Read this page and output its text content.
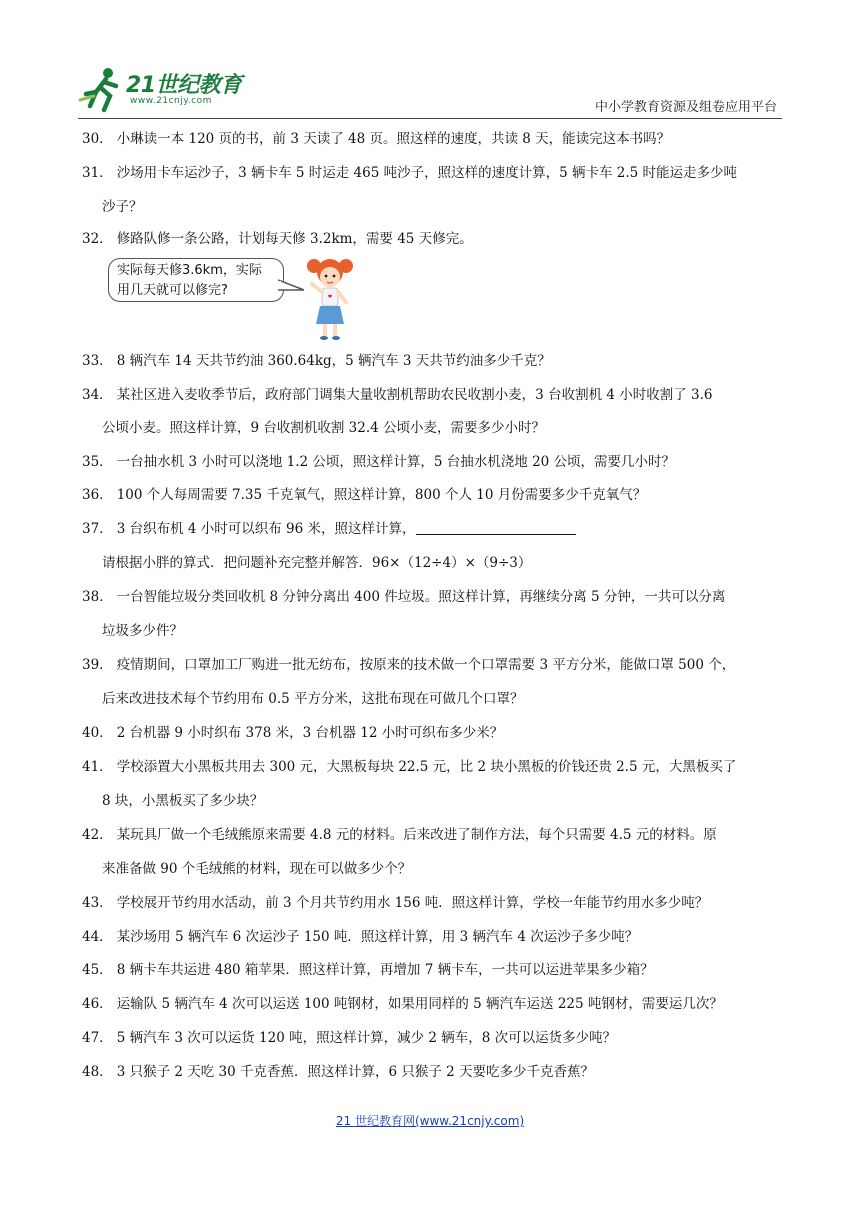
21世纪教育
www.21cnjy.com	中小学教育资源及组卷应用平台
30． 小琳读一本 120 页的书，前 3 天读了 48 页。照这样的速度，共读 8 天，能读完这本书吗？
31． 沙场用卡车运沙子，3 辆卡车 5 时运走 465 吨沙子，照这样的速度计算，5 辆卡车 2.5 时能运走多少吨
沙子？
32． 修路队修一条公路，计划每天修 3.2km，需要 45 天修完。
实际每天修3.6km，实际
用几天就可以修完?
33． 8 辆汽车 14 天共节约油 360.64kg，5 辆汽车 3 天共节约油多少千克？
34． 某社区进入麦收季节后，政府部门调集大量收割机帮助农民收割小麦，3 台收割机 4 小时收割了 3.6
公顷小麦。照这样计算，9 台收割机收割 32.4 公顷小麦，需要多少小时？
35． 一台抽水机 3 小时可以浇地 1.2 公顷，照这样计算，5 台抽水机浇地 20 公顷，需要几小时？
36． 100 个人每周需要 7.35 千克氧气，照这样计算，800 个人 10 月份需要多少千克氧气？
37． 3 台织布机 4 小时可以织布 96 米，照这样计算，
请根据小胖的算式．把问题补充完整并解答．96×（12÷4）×（9÷3）
38． 一台智能垃圾分类回收机 8 分钟分离出 400 件垃圾。照这样计算，再继续分离 5 分钟，一共可以分离
垃圾多少件？
39． 疫情期间，口罩加工厂购进一批无纺布，按原来的技术做一个口罩需要 3 平方分米，能做口罩 500 个，
后来改进技术每个节约用布 0.5 平方分米，这批布现在可做几个口罩？
40． 2 台机器 9 小时织布 378 米，3 台机器 12 小时可织布多少米？
41． 学校添置大小黑板共用去 300 元，大黑板每块 22.5 元，比 2 块小黑板的价钱还贵 2.5 元，大黑板买了
8 块，小黑板买了多少块？
42． 某玩具厂做一个毛绒熊原来需要 4.8 元的材料。后来改进了制作方法，每个只需要 4.5 元的材料。原
来准备做 90 个毛绒熊的材料，现在可以做多少个？
43． 学校展开节约用水活动，前 3 个月共节约用水 156 吨．照这样计算，学校一年能节约用水多少吨？
44． 某沙场用 5 辆汽车 6 次运沙子 150 吨．照这样计算，用 3 辆汽车 4 次运沙子多少吨？
45． 8 辆卡车共运进 480 箱苹果．照这样计算，再增加 7 辆卡车，一共可以运进苹果多少箱？
46． 运输队 5 辆汽车 4 次可以运送 100 吨钢材，如果用同样的 5 辆汽车运送 225 吨钢材，需要运几次？
47． 5 辆汽车 3 次可以运货 120 吨，照这样计算，减少 2 辆车，8 次可以运货多少吨？
48． 3 只猴子 2 天吃 30 千克香蕉．照这样计算，6 只猴子 2 天要吃多少千克香蕉？
21 世纪教育网(www.21cnjy.com)
